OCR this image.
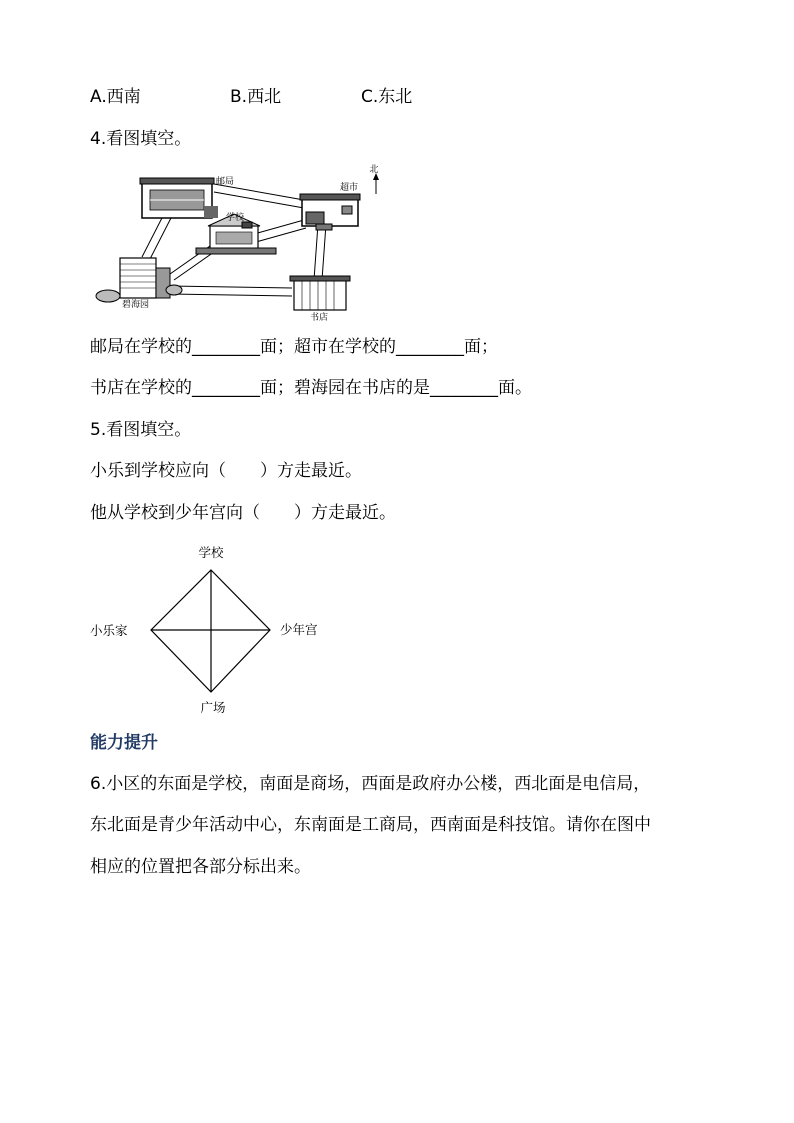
A.西南	B.西北	C.东北
4.看图填空。
北
邮局
超市
学校
碧海园
书店
邮局在学校的________面；超市在学校的________面；
书店在学校的________面；碧海园在书店的是________面。
5.看图填空。
小乐到学校应向（　　）方走最近。
他从学校到少年宫向（　　）方走最近。
学校
小乐家	少年宫
广场
能力提升
6.小区的东面是学校，南面是商场，西面是政府办公楼，西北面是电信局，
东北面是青少年活动中心，东南面是工商局，西南面是科技馆。请你在图中
相应的位置把各部分标出来。
